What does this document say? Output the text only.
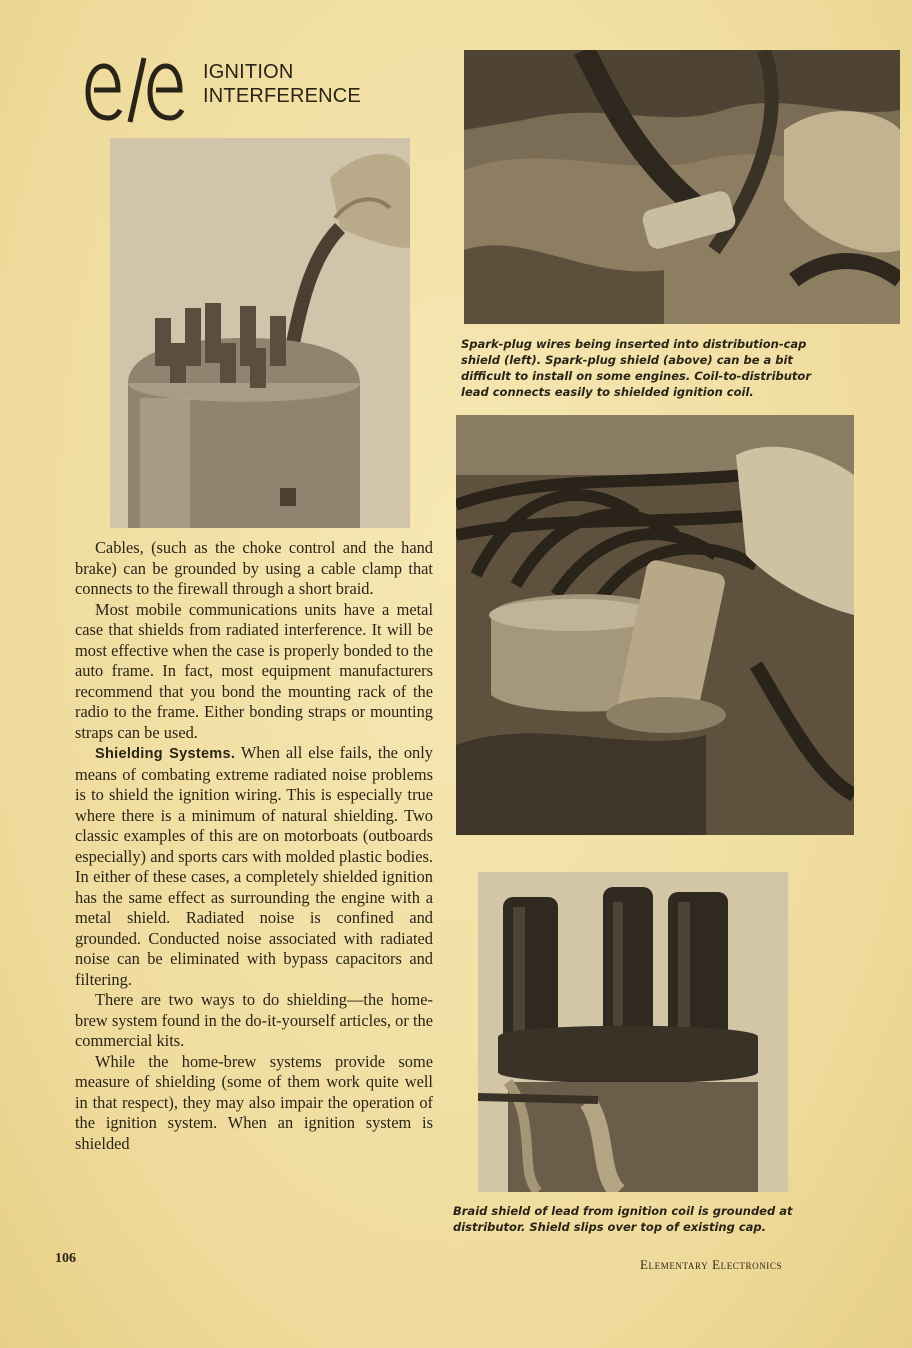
IGNITION
INTERFERENCE
Spark-plug wires being inserted into distribution-cap shield (left). Spark-plug shield (above) can be a bit difficult to install on some engines. Coil-to-distributor lead connects easily to shielded ignition coil.
Braid shield of lead from ignition coil is grounded at distributor. Shield slips over top of existing cap.

Cables, (such as the choke control and the hand brake) can be grounded by using a cable clamp that connects to the firewall through a short braid.

Most mobile communications units have a metal case that shields from radiated interference. It will be most effective when the case is properly bonded to the auto frame. In fact, most equipment manufacturers recommend that you bond the mounting rack of the radio to the frame. Either bonding straps or mounting straps can be used.

Shielding Systems. When all else fails, the only means of combating extreme radiated noise problems is to shield the ignition wiring. This is especially true where there is a minimum of natural shielding. Two classic examples of this are on motorboats (outboards especially) and sports cars with molded plastic bodies. In either of these cases, a completely shielded ignition has the same effect as surrounding the engine with a metal shield. Radiated noise is confined and grounded. Conducted noise associated with radiated noise can be eliminated with bypass capacitors and filtering.

There are two ways to do shielding—the home-brew system found in the do-it-yourself articles, or the commercial kits.

While the home-brew systems provide some measure of shielding (some of them work quite well in that respect), they may also impair the operation of the ignition system. When an ignition system is shielded

106	Elementary Electronics
